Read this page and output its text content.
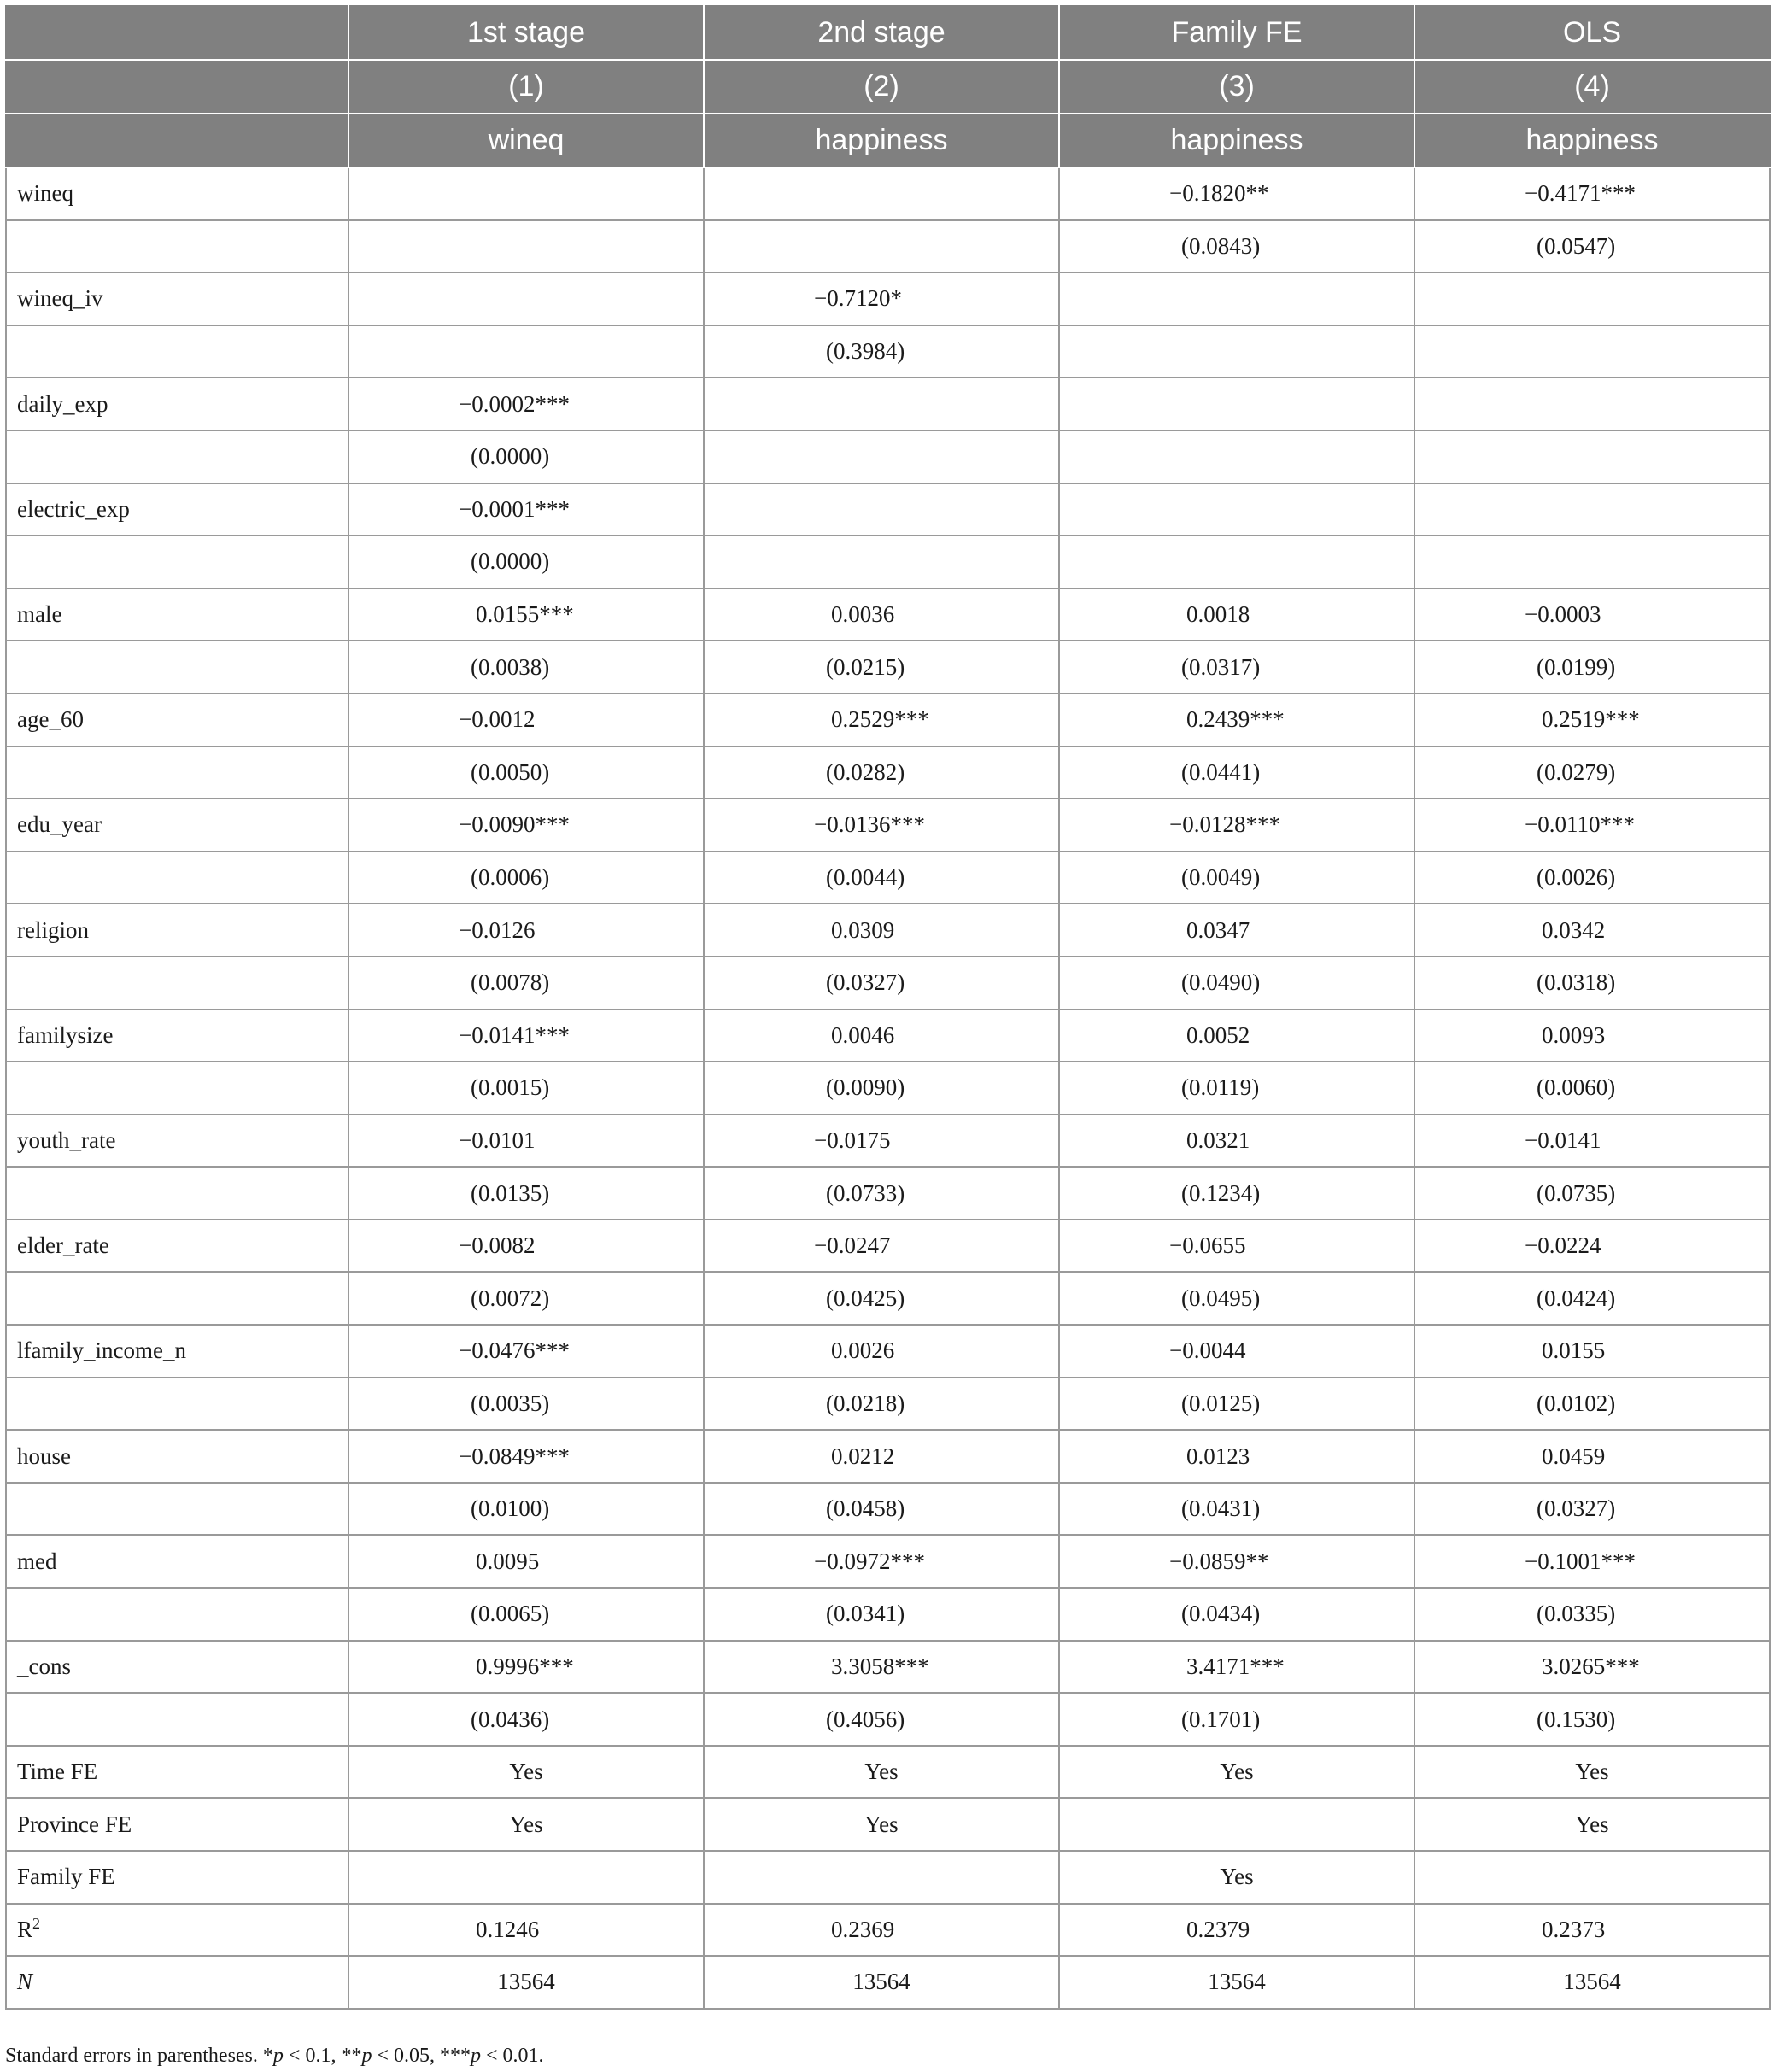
	1st stage	2nd stage	Family FE	OLS
	(1)	(2)	(3)	(4)
	wineq	happiness	happiness	happiness
wineq			−0.1820**	−0.4171***
			(0.0843)	(0.0547)
wineq_iv		−0.7120*		
		(0.3984)		
daily_exp	−0.0002***			
	(0.0000)			
electric_exp	−0.0001***			
	(0.0000)			
male	0.0155***	0.0036	0.0018	−0.0003
	(0.0038)	(0.0215)	(0.0317)	(0.0199)
age_60	−0.0012	0.2529***	0.2439***	0.2519***
	(0.0050)	(0.0282)	(0.0441)	(0.0279)
edu_year	−0.0090***	−0.0136***	−0.0128***	−0.0110***
	(0.0006)	(0.0044)	(0.0049)	(0.0026)
religion	−0.0126	0.0309	0.0347	0.0342
	(0.0078)	(0.0327)	(0.0490)	(0.0318)
familysize	−0.0141***	0.0046	0.0052	0.0093
	(0.0015)	(0.0090)	(0.0119)	(0.0060)
youth_rate	−0.0101	−0.0175	0.0321	−0.0141
	(0.0135)	(0.0733)	(0.1234)	(0.0735)
elder_rate	−0.0082	−0.0247	−0.0655	−0.0224
	(0.0072)	(0.0425)	(0.0495)	(0.0424)
lfamily_income_n	−0.0476***	0.0026	−0.0044	0.0155
	(0.0035)	(0.0218)	(0.0125)	(0.0102)
house	−0.0849***	0.0212	0.0123	0.0459
	(0.0100)	(0.0458)	(0.0431)	(0.0327)
med	0.0095	−0.0972***	−0.0859**	−0.1001***
	(0.0065)	(0.0341)	(0.0434)	(0.0335)
_cons	0.9996***	3.3058***	3.4171***	3.0265***
	(0.0436)	(0.4056)	(0.1701)	(0.1530)
Time FE	Yes	Yes	Yes	Yes
Province FE	Yes	Yes		Yes
Family FE			Yes	
$R^2$	0.1246	0.2369	0.2379	0.2373
N	13564	13564	13564	13564
Standard errors in parentheses. *p < 0.1, **p < 0.05, ***p < 0.01.
